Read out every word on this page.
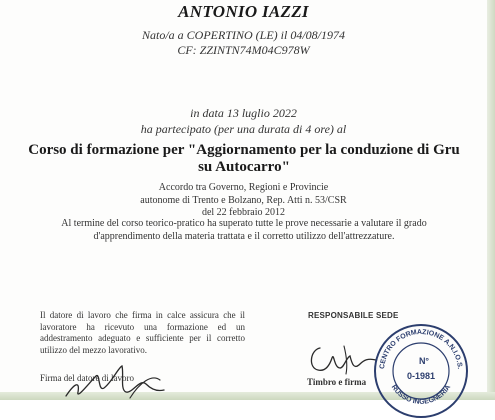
ANTONIO IAZZI
Nato/a a COPERTINO (LE) il 04/08/1974
CF: ZZINTN74M04C978W
in data 13 luglio 2022
ha partecipato (per una durata di 4 ore) al
Corso di formazione per "Aggiornamento per la conduzione di Gru su Autocarro"
Accordo tra Governo, Regioni e Provincie
autonome di Trento e Bolzano, Rep. Atti n. 53/CSR
del 22 febbraio 2012
Al termine del corso teorico-pratico ha superato tutte le prove necessarie a valutare il grado d'apprendimento della materia trattata e il corretto utilizzo dell'attrezzature.
Il datore di lavoro che firma in calce assicura che il lavoratore ha ricevuto una formazione ed un addestramento adeguato e sufficiente per il corretto utilizzo del mezzo lavorativo.
Firma del datore di lavoro
RESPONSABILE SEDE
Timbro e firma
CENTRO FORMAZIONE A.N.I.O.S.
RUSSO INGEGNERIA
N°
0-1981
